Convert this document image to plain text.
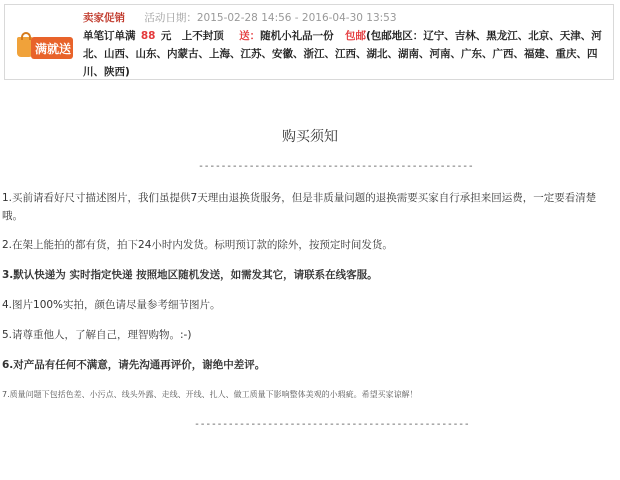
满就送
卖家促销 活动日期：2015-02-28 14:56 - 2016-04-30 13:53
单笔订单满 88 元　上不封顶 送：随机小礼品一份 包邮(包邮地区：辽宁、吉林、黑龙江、北京、天津、河北、山西、山东、内蒙古、上海、江苏、安徽、浙江、江西、湖北、湖南、河南、广东、广西、福建、重庆、四川、陕西)
购买须知
-------------------------------------------------
1.买前请看好尺寸描述图片，我们虽提供7天理由退换货服务，但是非质量问题的退换需要买家自行承担来回运费，一定要看清楚哦。
2.在架上能拍的都有货，拍下24小时内发货。标明预订款的除外，按预定时间发货。
3.默认快递为 实时指定快递 按照地区随机发送，如需发其它，请联系在线客服。
4.图片100%实拍，颜色请尽量参考细节图片。
5.请尊重他人，了解自己，理智购物。:-)
6.对产品有任何不满意，请先沟通再评价，谢绝中差评。
7.质量问题下包括色差、小污点、线头外露、走线、开线、扎人、做工质量下影响整体美观的小瑕疵。希望买家谅解！
-------------------------------------------------
